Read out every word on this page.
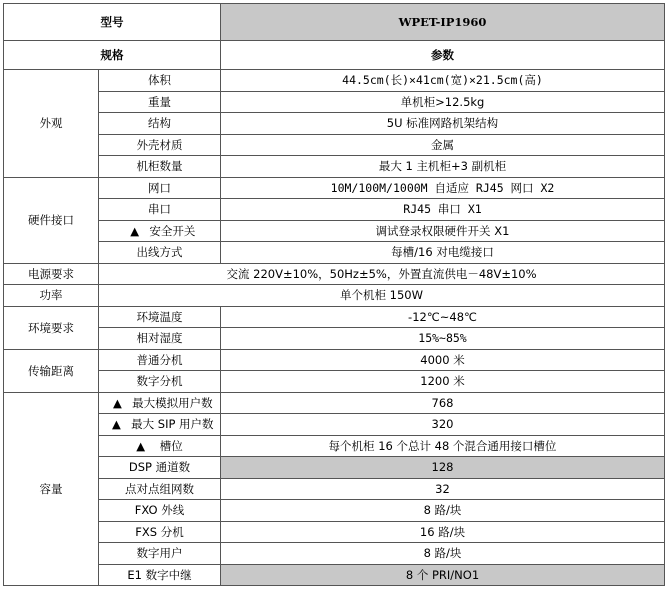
型号		WPET-IP1960
规格		参数
外观	体积	44.5cm(长)×41cm(宽)×21.5cm(高)
	重量	单机柜>12.5kg
	结构	5U 标准网路机架结构
	外壳材质	金属
	机柜数量	最大 1 主机柜+3 副机柜
硬件接口	网口	10M/100M/1000M 自适应 RJ45 网口 X2
	串口	RJ45 串口 X1
	▲ 安全开关	调试登录权限硬件开关 X1
	出线方式	每槽/16 对电缆接口
电源要求	交流 220V±10%，50Hz±5%，外置直流供电－48V±10%	
功率	单个机柜 150W	
环境要求	环境温度	-12℃~48℃
	相对湿度	15%~85%
传输距离	普通分机	4000 米
	数字分机	1200 米
容量	▲ 最大模拟用户数	768
	▲ 最大 SIP 用户数	320
	▲ 槽位	每个机柜 16 个总计 48 个混合通用接口槽位
	DSP 通道数	128
	点对点组网数	32
	FXO 外线	8 路/块
	FXS 分机	16 路/块
	数字用户	8 路/块
	E1 数字中继	8 个 PRI/NO1
